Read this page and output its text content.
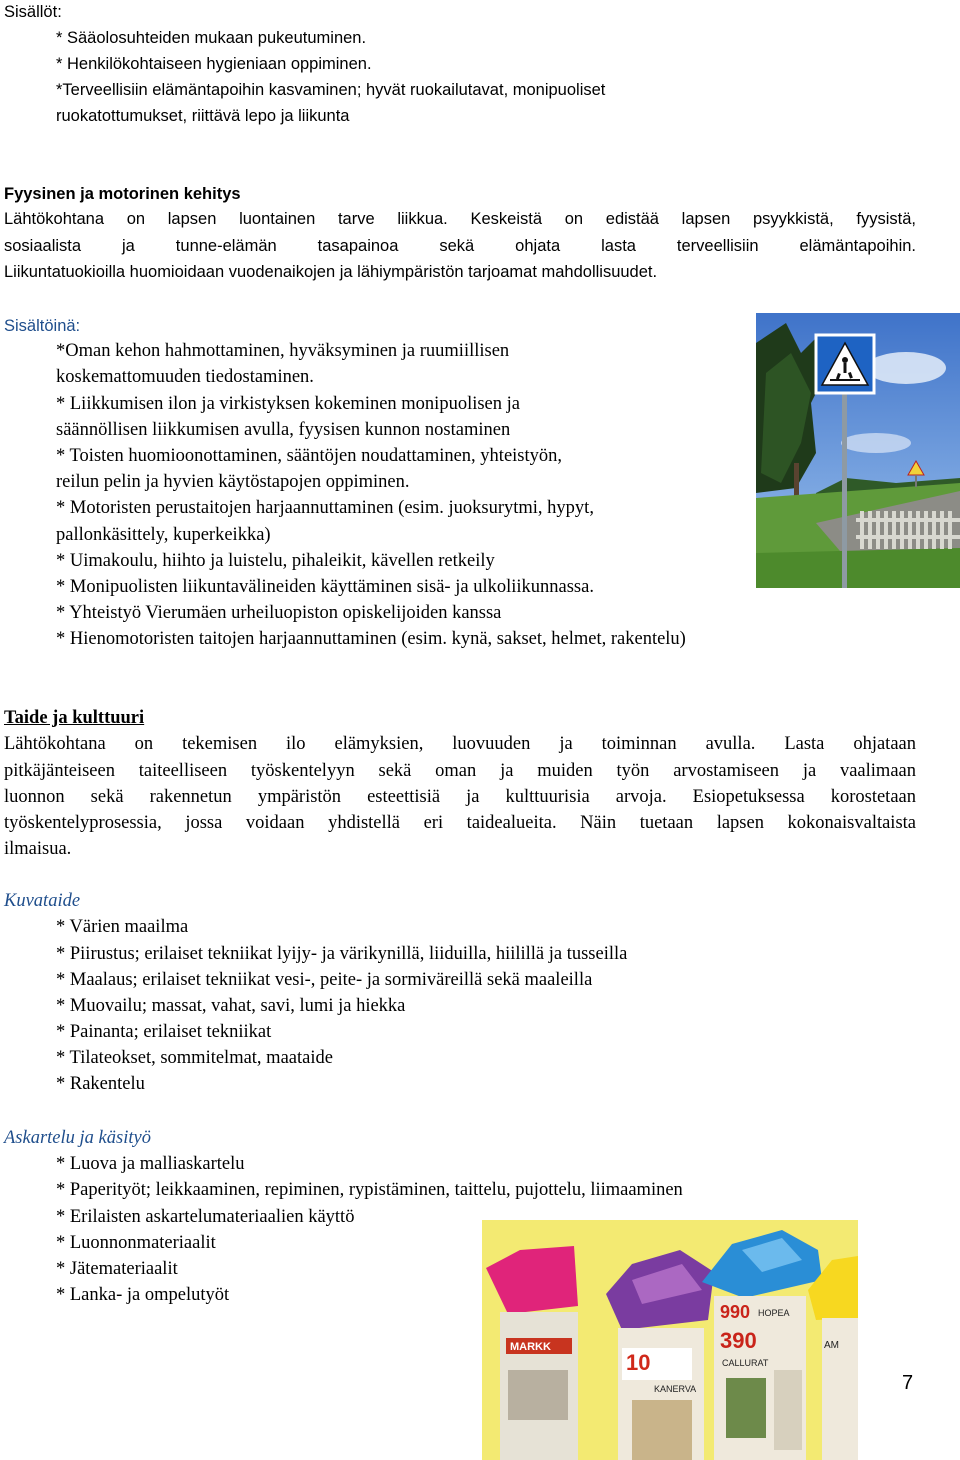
Sisällöt:
* Sääolosuhteiden mukaan pukeutuminen.
* Henkilökohtaiseen hygieniaan oppiminen.
*Terveellisiin elämäntapoihin kasvaminen; hyvät ruokailutavat, monipuoliset
ruokatottumukset, riittävä lepo ja liikunta
Fyysinen ja motorinen kehitys
Lähtökohtana on lapsen luontainen tarve liikkua. Keskeistä on edistää lapsen psyykkistä, fyysistä,
sosiaalista ja tunne-elämän tasapainoa sekä ohjata lasta terveellisiin elämäntapoihin.
Liikuntatuokioilla huomioidaan vuodenaikojen ja lähiympäristön tarjoamat mahdollisuudet.
Sisältöinä:
*Oman kehon hahmottaminen, hyväksyminen ja ruumiillisen
koskemattomuuden tiedostaminen.
* Liikkumisen ilon ja virkistyksen kokeminen monipuolisen ja
säännöllisen liikkumisen avulla, fyysisen kunnon nostaminen
* Toisten huomioonottaminen, sääntöjen noudattaminen, yhteistyön,
reilun pelin ja hyvien käytöstapojen oppiminen.
* Motoristen perustaitojen harjaannuttaminen (esim. juoksurytmi, hypyt,
pallonkäsittely, kuperkeikka)
* Uimakoulu, hiihto ja luistelu, pihaleikit, kävellen retkeily
* Monipuolisten liikuntavälineiden käyttäminen sisä- ja ulkoliikunnassa.
* Yhteistyö Vierumäen urheiluopiston opiskelijoiden kanssa
* Hienomotoristen taitojen harjaannuttaminen (esim. kynä, sakset, helmet, rakentelu)
Taide ja kulttuuri
Lähtökohtana on tekemisen ilo elämyksien, luovuuden ja toiminnan avulla. Lasta ohjataan
pitkäjänteiseen taiteelliseen työskentelyyn sekä oman ja muiden työn arvostamiseen ja vaalimaan
luonnon sekä rakennetun ympäristön esteettisiä ja kulttuurisia arvoja. Esiopetuksessa korostetaan
työskentelyprosessia, jossa voidaan yhdistellä eri taidealueita. Näin tuetaan lapsen kokonaisvaltaista
ilmaisua.
Kuvataide
* Värien maailma
* Piirustus; erilaiset tekniikat lyijy- ja värikynillä, liiduilla, hiilillä ja tusseilla
* Maalaus; erilaiset tekniikat vesi-, peite- ja sormiväreillä sekä maaleilla
* Muovailu; massat, vahat, savi, lumi ja hiekka
* Painanta; erilaiset tekniikat
* Tilateokset, sommitelmat, maataide
* Rakentelu
Askartelu ja käsityö
* Luova ja malliaskartelu
* Paperityöt; leikkaaminen, repiminen, rypistäminen, taittelu, pujottelu, liimaaminen
* Erilaisten askartelumateriaalien käyttö
* Luonnonmateriaalit
* Jätemateriaalit
* Lanka- ja ompelutyöt
MARKK
10
KANERVA
990 HOPEA
390
CALLURAT
AM
7
